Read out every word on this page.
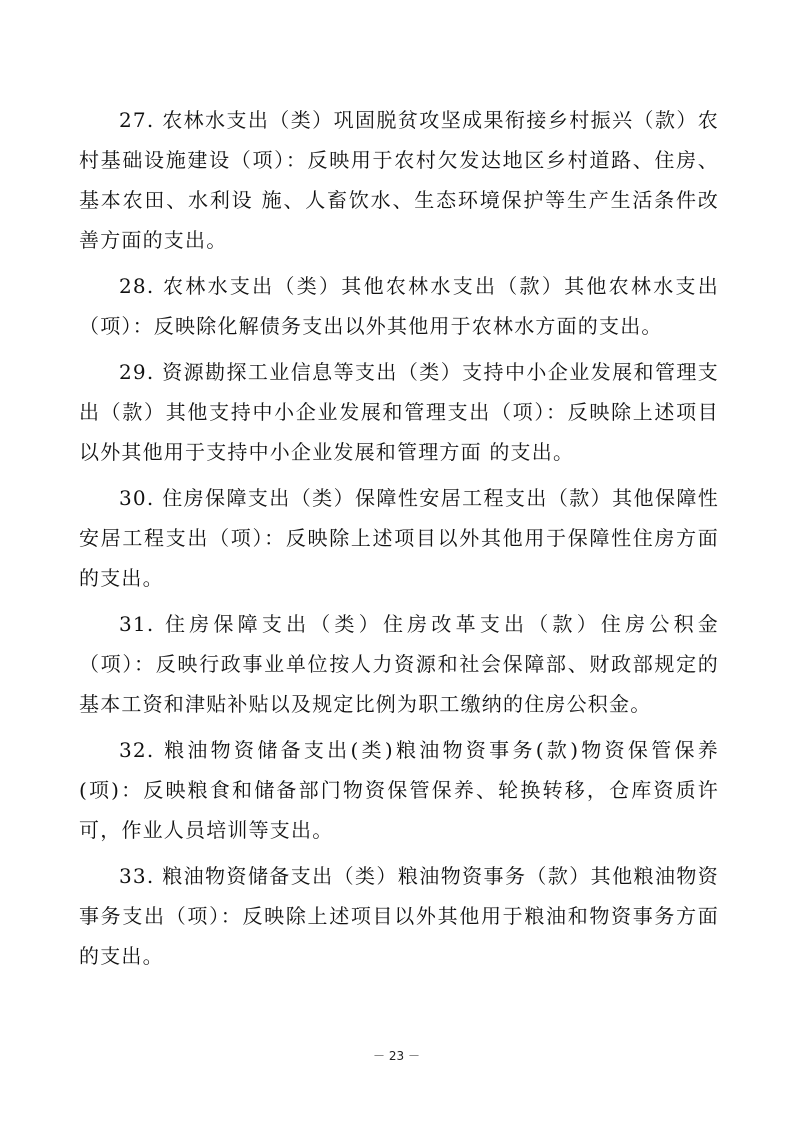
27. 农林水支出（类）巩固脱贫攻坚成果衔接乡村振兴（款）农村基础设施建设（项）：反映用于农村欠发达地区乡村道路、住房、基本农田、水利设 施、人畜饮水、生态环境保护等生产生活条件改善方面的支出。

28. 农林水支出（类）其他农林水支出（款）其他农林水支出（项）：反映除化解债务支出以外其他用于农林水方面的支出。

29. 资源勘探工业信息等支出（类）支持中小企业发展和管理支出（款）其他支持中小企业发展和管理支出（项）：反映除上述项目以外其他用于支持中小企业发展和管理方面 的支出。

30. 住房保障支出（类）保障性安居工程支出（款）其他保障性安居工程支出（项）：反映除上述项目以外其他用于保障性住房方面的支出。

31. 住房保障支出（类）住房改革支出（款）住房公积金（项）：反映行政事业单位按人力资源和社会保障部、财政部规定的 基本工资和津贴补贴以及规定比例为职工缴纳的住房公积金。

32. 粮油物资储备支出(类)粮油物资事务(款)物资保管保养(项)：反映粮食和储备部门物资保管保养、轮换转移，仓库资质许 可，作业人员培训等支出。

33. 粮油物资储备支出（类）粮油物资事务（款）其他粮油物资事务支出（项）：反映除上述项目以外其他用于粮油和物资事务方面的支出。

－ 23 －
